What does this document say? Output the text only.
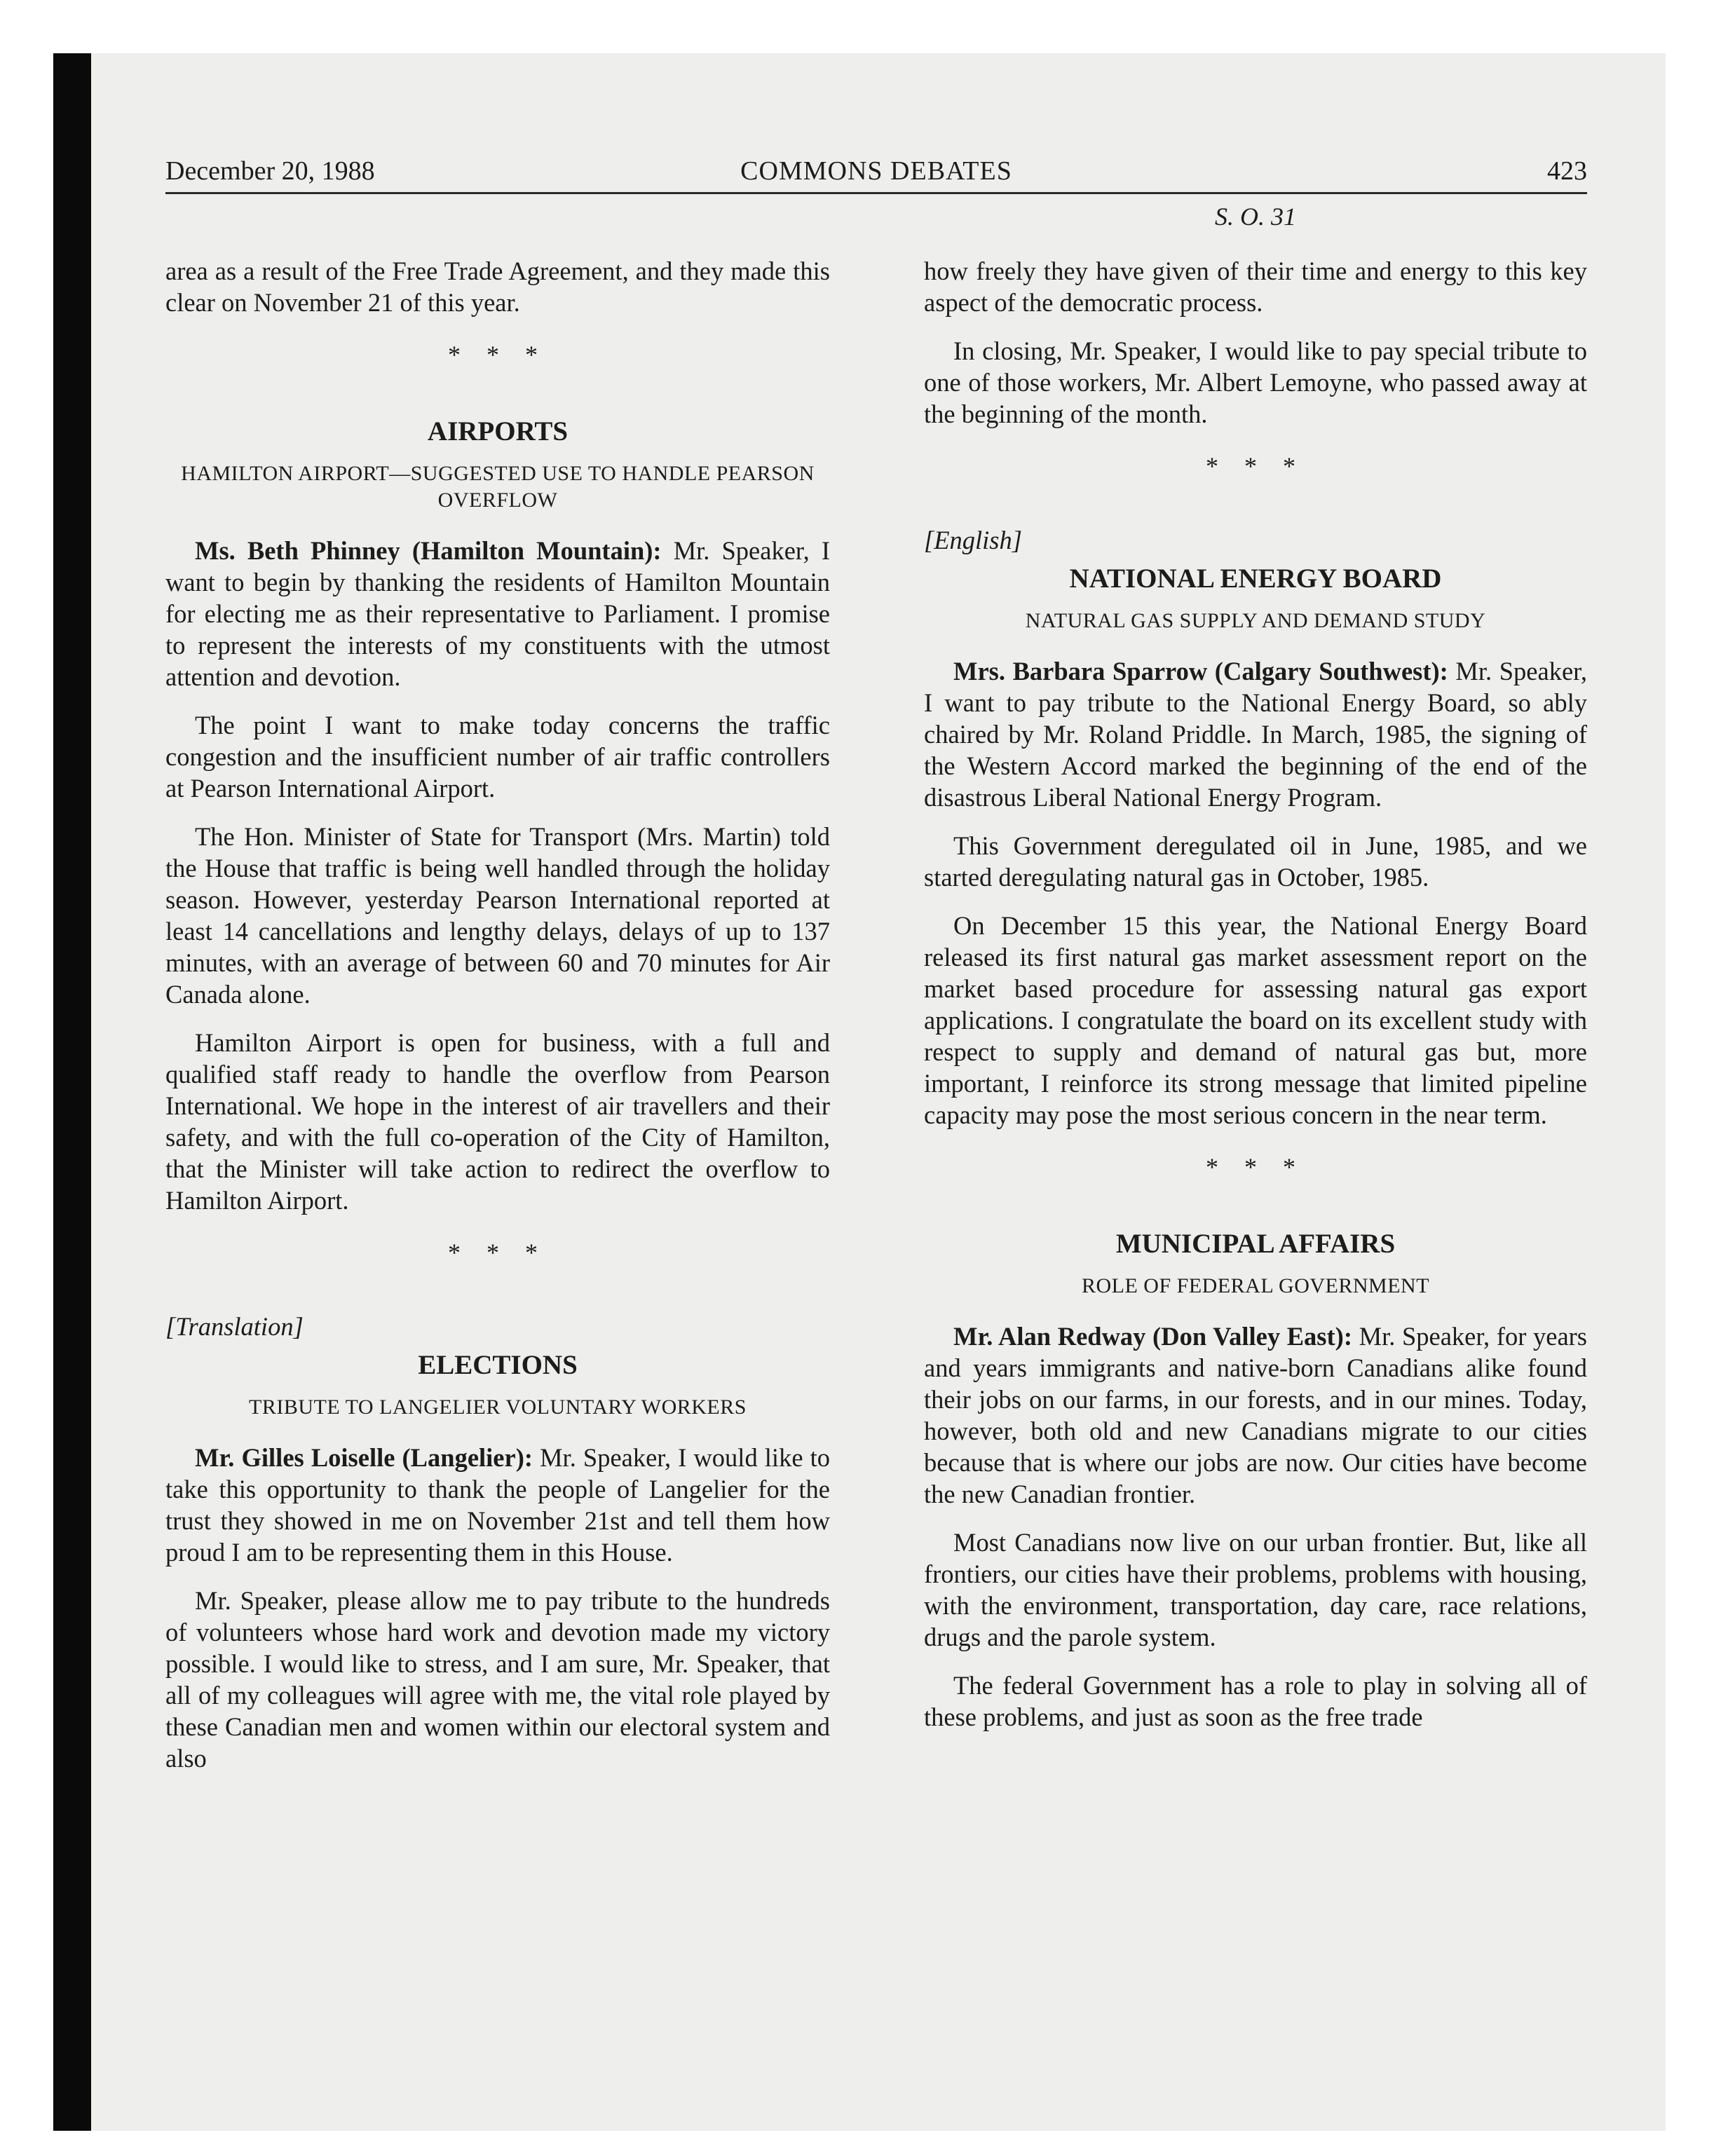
December 20, 1988	COMMONS DEBATES	423
S. O. 31

area as a result of the Free Trade Agreement, and they made this clear on November 21 of this year.

* * *
AIRPORTS
HAMILTON AIRPORT—SUGGESTED USE TO HANDLE PEARSON OVERFLOW

Ms. Beth Phinney (Hamilton Mountain): Mr. Speaker, I want to begin by thanking the residents of Hamilton Mountain for electing me as their representative to Parliament. I promise to represent the interests of my constituents with the utmost attention and devotion.

The point I want to make today concerns the traffic congestion and the insufficient number of air traffic controllers at Pearson International Airport.

The Hon. Minister of State for Transport (Mrs. Martin) told the House that traffic is being well handled through the holiday season. However, yesterday Pearson International reported at least 14 cancellations and lengthy delays, delays of up to 137 minutes, with an average of between 60 and 70 minutes for Air Canada alone.

Hamilton Airport is open for business, with a full and qualified staff ready to handle the overflow from Pearson International. We hope in the interest of air travellers and their safety, and with the full co-operation of the City of Hamilton, that the Minister will take action to redirect the overflow to Hamilton Airport.

* * *

[Translation]

ELECTIONS
TRIBUTE TO LANGELIER VOLUNTARY WORKERS

Mr. Gilles Loiselle (Langelier): Mr. Speaker, I would like to take this opportunity to thank the people of Langelier for the trust they showed in me on November 21st and tell them how proud I am to be representing them in this House.

Mr. Speaker, please allow me to pay tribute to the hundreds of volunteers whose hard work and devotion made my victory possible. I would like to stress, and I am sure, Mr. Speaker, that all of my colleagues will agree with me, the vital role played by these Canadian men and women within our electoral system and also

how freely they have given of their time and energy to this key aspect of the democratic process.

In closing, Mr. Speaker, I would like to pay special tribute to one of those workers, Mr. Albert Lemoyne, who passed away at the beginning of the month.

* * *

[English]

NATIONAL ENERGY BOARD
NATURAL GAS SUPPLY AND DEMAND STUDY

Mrs. Barbara Sparrow (Calgary Southwest): Mr. Speaker, I want to pay tribute to the National Energy Board, so ably chaired by Mr. Roland Priddle. In March, 1985, the signing of the Western Accord marked the beginning of the end of the disastrous Liberal National Energy Program.

This Government deregulated oil in June, 1985, and we started deregulating natural gas in October, 1985.

On December 15 this year, the National Energy Board released its first natural gas market assessment report on the market based procedure for assessing natural gas export applications. I congratulate the board on its excellent study with respect to supply and demand of natural gas but, more important, I reinforce its strong message that limited pipeline capacity may pose the most serious concern in the near term.

* * *
MUNICIPAL AFFAIRS
ROLE OF FEDERAL GOVERNMENT

Mr. Alan Redway (Don Valley East): Mr. Speaker, for years and years immigrants and native-born Canadians alike found their jobs on our farms, in our forests, and in our mines. Today, however, both old and new Canadians migrate to our cities because that is where our jobs are now. Our cities have become the new Canadian frontier.

Most Canadians now live on our urban frontier. But, like all frontiers, our cities have their problems, problems with housing, with the environment, transportation, day care, race relations, drugs and the parole system.

The federal Government has a role to play in solving all of these problems, and just as soon as the free trade
